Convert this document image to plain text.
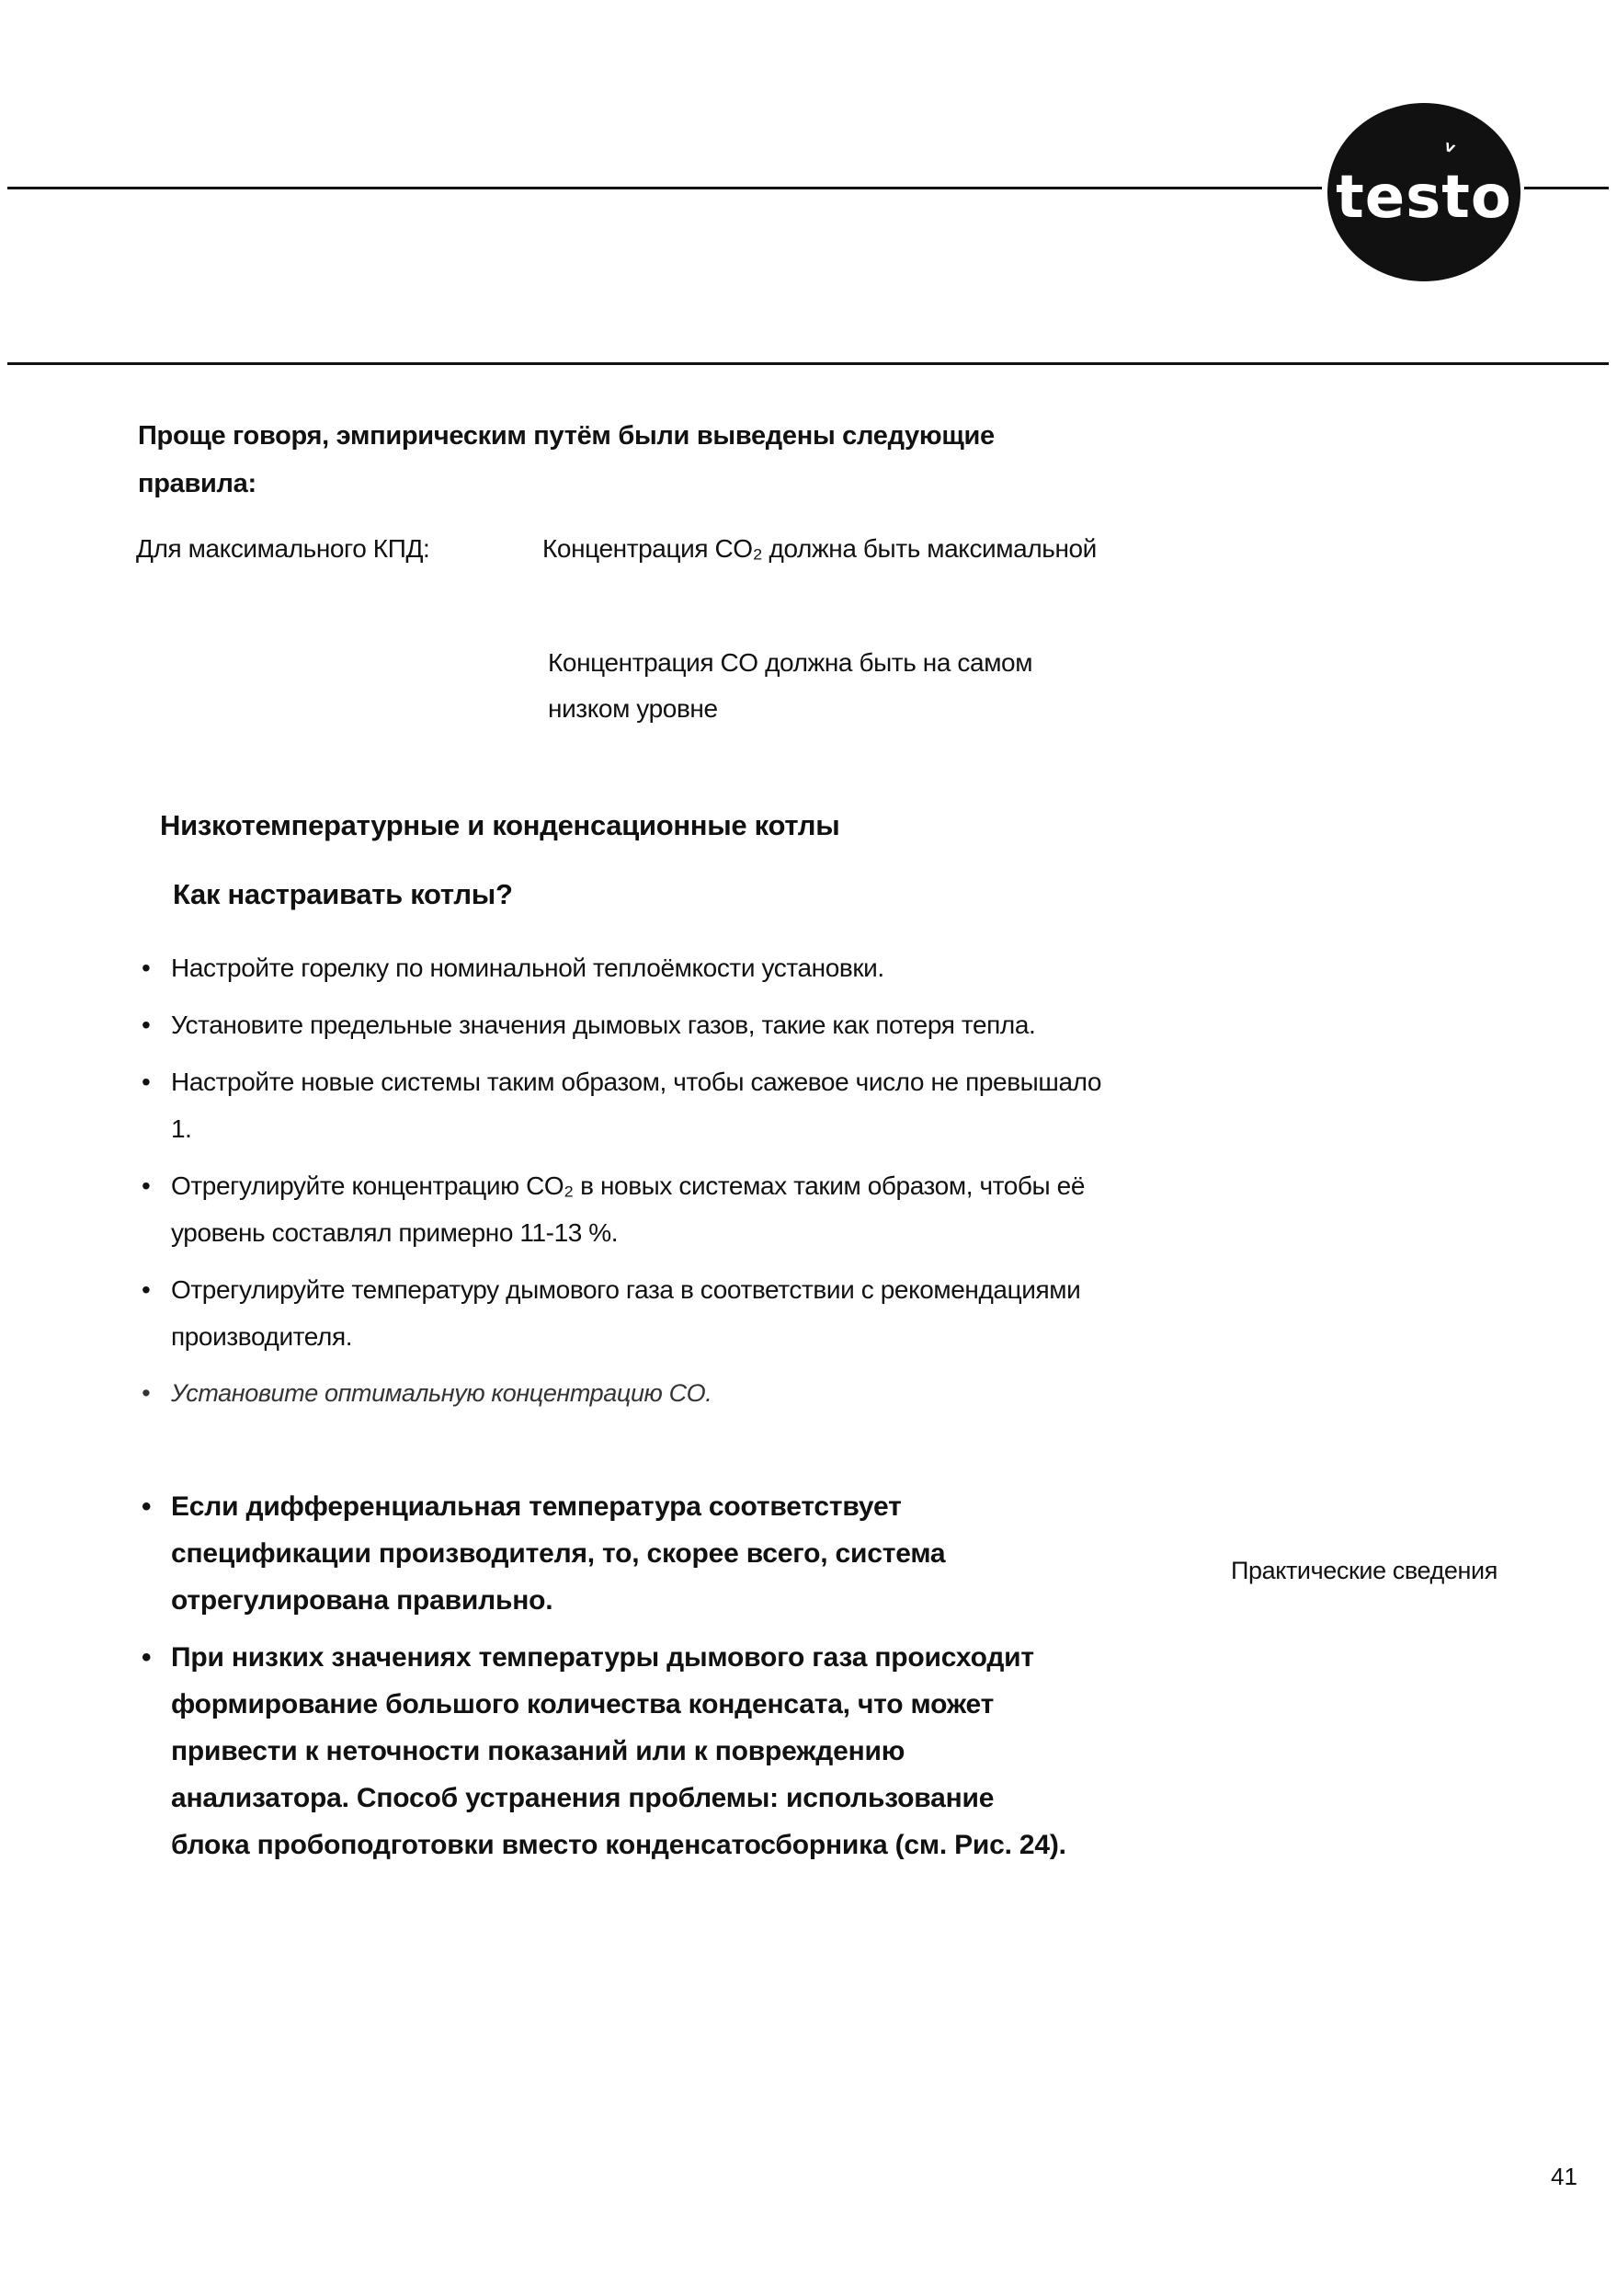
testo
ⱽ
Проще говоря, эмпирическим путём были выведены следующие правила:
Для максимального КПД:	Концентрация CO₂ должна быть максимальной
Концентрация CO должна быть на самом низком уровне
Низкотемпературные и конденсационные котлы
Как настраивать котлы?
• Настройте горелку по номинальной теплоёмкости установки.
• Установите предельные значения дымовых газов, такие как потеря тепла.
• Настройте новые системы таким образом, чтобы сажевое число не превышало 1.
• Отрегулируйте концентрацию CO₂ в новых системах таким образом, чтобы её уровень составлял примерно 11-13 %.
• Отрегулируйте температуру дымового газа в соответствии с рекомендациями производителя.
• Установите оптимальную концентрацию CO.
• Если дифференциальная температура соответствует спецификации производителя, то, скорее всего, система отрегулирована правильно.
• При низких значениях температуры дымового газа происходит формирование большого количества конденсата, что может привести к неточности показаний или к повреждению анализатора. Способ устранения проблемы: использование блока пробоподготовки вместо конденсатосборника (см. Рис. 24).
Практические сведения
41
